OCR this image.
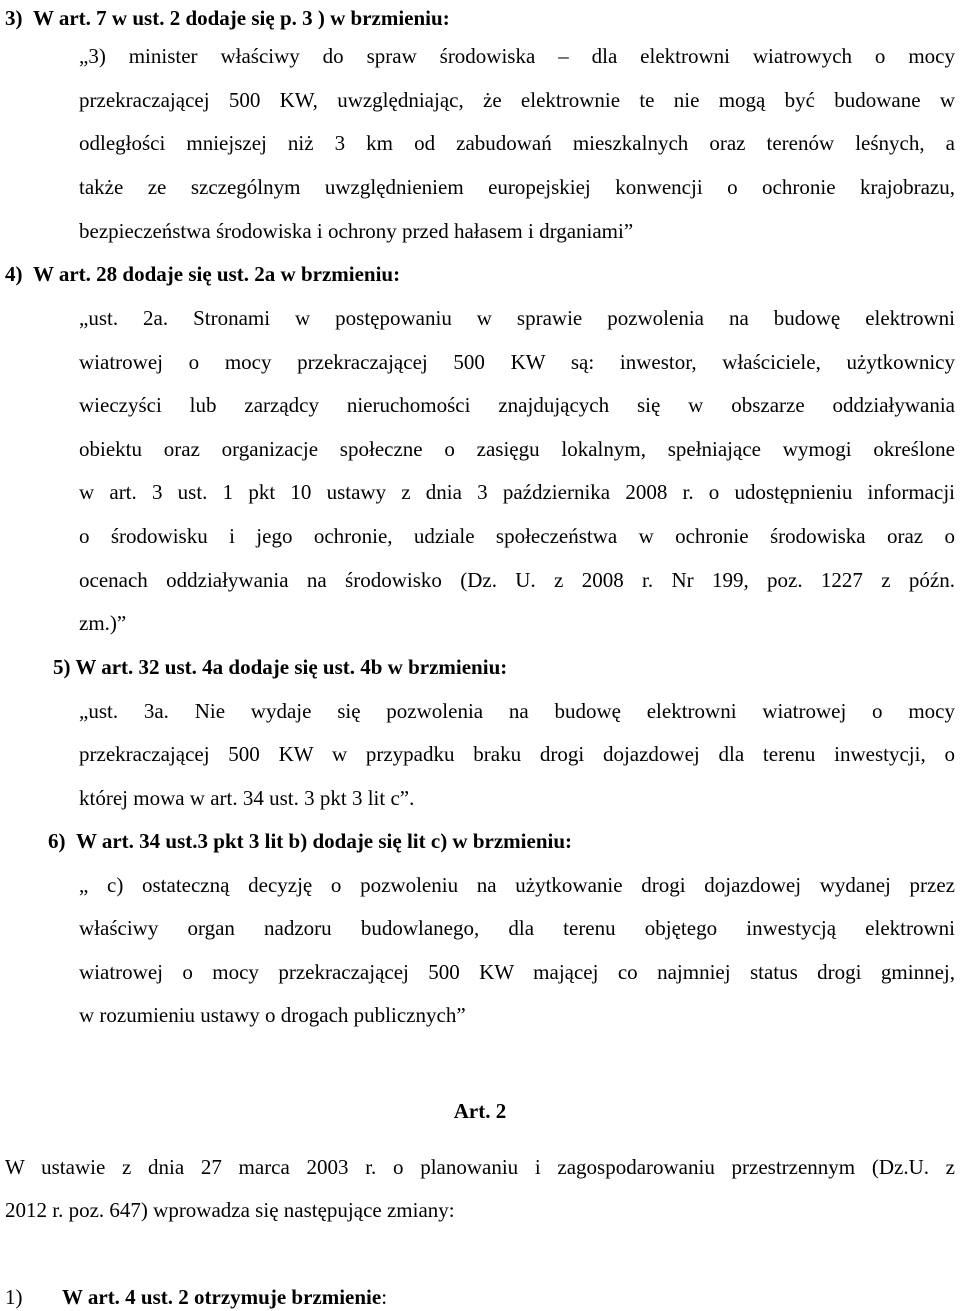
3)  W art. 7 w ust. 2 dodaje się p. 3 ) w brzmieniu:
„3) minister właściwy do spraw środowiska – dla elektrowni wiatrowych o mocy
przekraczającej 500 KW, uwzględniając, że elektrownie te nie mogą być budowane w
odległości mniejszej niż 3 km od zabudowań mieszkalnych oraz terenów leśnych, a
także ze szczególnym uwzględnieniem europejskiej konwencji o ochronie krajobrazu,
bezpieczeństwa środowiska i ochrony przed hałasem i drganiami”
4)  W art. 28 dodaje się ust. 2a w brzmieniu:
„ust. 2a. Stronami w postępowaniu w sprawie pozwolenia na budowę elektrowni
wiatrowej o mocy przekraczającej 500 KW są: inwestor, właściciele, użytkownicy
wieczyści lub zarządcy nieruchomości znajdujących się w obszarze oddziaływania
obiektu oraz organizacje społeczne o zasięgu lokalnym, spełniające wymogi określone
w art. 3 ust. 1 pkt 10 ustawy z dnia 3 października 2008 r. o udostępnieniu informacji
o środowisku i jego ochronie, udziale społeczeństwa w ochronie środowiska oraz o
ocenach oddziaływania na środowisko (Dz. U. z 2008 r. Nr 199, poz. 1227 z późn.
zm.)”
5) W art. 32 ust. 4a dodaje się ust. 4b w brzmieniu:
„ust. 3a. Nie wydaje się pozwolenia na budowę elektrowni wiatrowej o mocy
przekraczającej 500 KW w przypadku braku drogi dojazdowej dla terenu inwestycji, o
której mowa w art. 34 ust. 3 pkt 3 lit c”.
6)  W art. 34 ust.3 pkt 3 lit b) dodaje się lit c) w brzmieniu:
„ c) ostateczną decyzję o pozwoleniu na użytkowanie drogi dojazdowej wydanej przez
właściwy organ nadzoru budowlanego, dla terenu objętego inwestycją elektrowni
wiatrowej o mocy przekraczającej 500 KW mającej co najmniej status drogi gminnej,
w rozumieniu ustawy o drogach publicznych”
Art. 2
W ustawie z dnia 27 marca 2003 r. o planowaniu i zagospodarowaniu przestrzennym (Dz.U. z
2012 r. poz. 647) wprowadza się następujące zmiany:
1) W art. 4 ust. 2 otrzymuje brzmienie:
